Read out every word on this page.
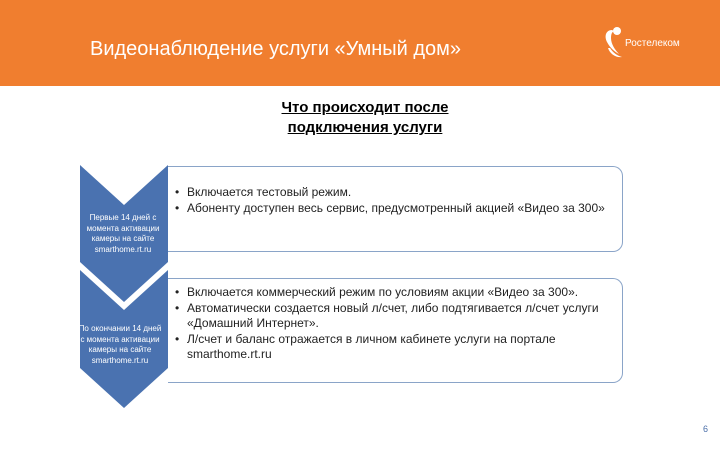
Видеонаблюдение услуги «Умный дом»	Ростелеком
Что происходит после
подключения услуги
Первые 14 дней с
момента активации
камеры на сайте
smarthome.rt.ru
По окончании 14 дней
с момента активации
камеры на сайте
smarthome.rt.ru
• Включается тестовый режим.
• Абоненту доступен весь сервис, предусмотренный акцией «Видео за 300»
• Включается коммерческий режим по условиям акции «Видео за 300».
• Автоматически создается новый л/счет, либо подтягивается л/счет услуги «Домашний Интернет».
• Л/счет и баланс отражается в личном кабинете услуги на портале smarthome.rt.ru
6
